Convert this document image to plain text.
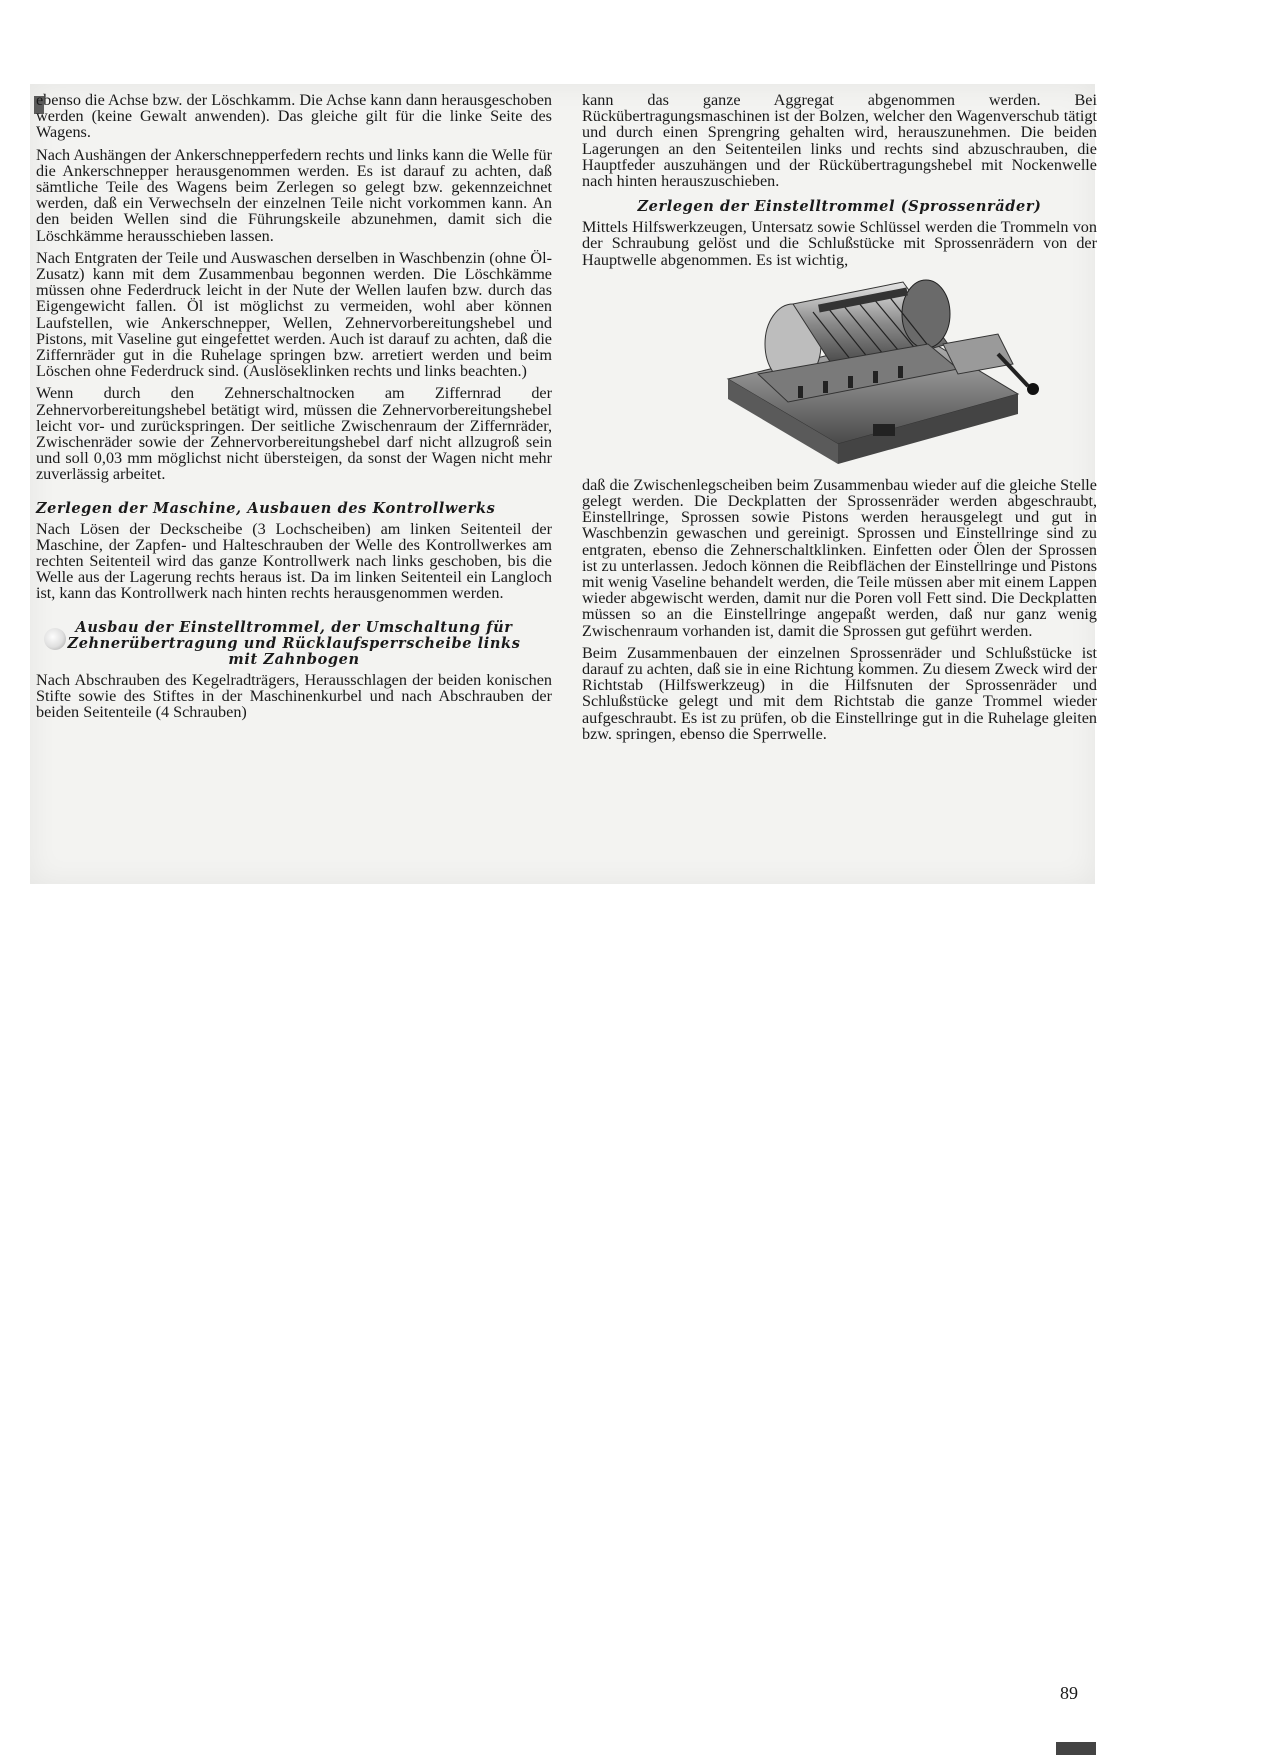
ebenso die Achse bzw. der Löschkamm. Die Achse kann dann herausgeschoben werden (keine Gewalt anwenden). Das gleiche gilt für die linke Seite des Wagens.

Nach Aushängen der Ankerschnepperfedern rechts und links kann die Welle für die Ankerschnepper herausgenommen werden. Es ist darauf zu achten, daß sämtliche Teile des Wagens beim Zerlegen so gelegt bzw. gekennzeichnet werden, daß ein Verwechseln der einzelnen Teile nicht vorkommen kann. An den beiden Wellen sind die Führungskeile abzunehmen, damit sich die Löschkämme herausschieben lassen.

Nach Entgraten der Teile und Auswaschen derselben in Waschbenzin (ohne Öl-Zusatz) kann mit dem Zusammenbau begonnen werden. Die Löschkämme müssen ohne Federdruck leicht in der Nute der Wellen laufen bzw. durch das Eigengewicht fallen. Öl ist möglichst zu vermeiden, wohl aber können Laufstellen, wie Ankerschnepper, Wellen, Zehnervorbereitungshebel und Pistons, mit Vaseline gut eingefettet werden. Auch ist darauf zu achten, daß die Ziffernräder gut in die Ruhelage springen bzw. arretiert werden und beim Löschen ohne Federdruck sind. (Auslöseklinken rechts und links beachten.)

Wenn durch den Zehnerschaltnocken am Ziffernrad der Zehnervorbereitungshebel betätigt wird, müssen die Zehnervorbereitungshebel leicht vor- und zurückspringen. Der seitliche Zwischenraum der Ziffernräder, Zwischenräder sowie der Zehnervorbereitungshebel darf nicht allzugroß sein und soll 0,03 mm möglichst nicht übersteigen, da sonst der Wagen nicht mehr zuverlässig arbeitet.

Zerlegen der Maschine, Ausbauen des Kontrollwerks

Nach Lösen der Deckscheibe (3 Lochscheiben) am linken Seitenteil der Maschine, der Zapfen- und Halteschrauben der Welle des Kontrollwerkes am rechten Seitenteil wird das ganze Kontrollwerk nach links geschoben, bis die Welle aus der Lagerung rechts heraus ist. Da im linken Seitenteil ein Langloch ist, kann das Kontrollwerk nach hinten rechts herausgenommen werden.

Ausbau der Einstelltrommel, der Umschaltung für
Zehnerübertragung und Rücklaufsperrscheibe links
mit Zahnbogen

Nach Abschrauben des Kegelradträgers, Herausschlagen der beiden konischen Stifte sowie des Stiftes in der Maschinenkurbel und nach Abschrauben der beiden Seitenteile (4 Schrauben)

kann das ganze Aggregat abgenommen werden. Bei Rückübertragungsmaschinen ist der Bolzen, welcher den Wagenverschub tätigt und durch einen Sprengring gehalten wird, herauszunehmen. Die beiden Lagerungen an den Seitenteilen links und rechts sind abzuschrauben, die Hauptfeder auszuhängen und der Rückübertragungshebel mit Nockenwelle nach hinten herauszuschieben.

Zerlegen der Einstelltrommel (Sprossenräder)

Mittels Hilfswerkzeugen, Untersatz sowie Schlüssel werden die Trommeln von der Schraubung gelöst und die Schlußstücke mit Sprossenrädern von der Hauptwelle abgenommen. Es ist wichtig,

daß die Zwischenlegscheiben beim Zusammenbau wieder auf die gleiche Stelle gelegt werden. Die Deckplatten der Sprossenräder werden abgeschraubt, Einstellringe, Sprossen sowie Pistons werden herausgelegt und gut in Waschbenzin gewaschen und gereinigt. Sprossen und Einstellringe sind zu entgraten, ebenso die Zehnerschaltklinken. Einfetten oder Ölen der Sprossen ist zu unterlassen. Jedoch können die Reibflächen der Einstellringe und Pistons mit wenig Vaseline behandelt werden, die Teile müssen aber mit einem Lappen wieder abgewischt werden, damit nur die Poren voll Fett sind. Die Deckplatten müssen so an die Einstellringe angepaßt werden, daß nur ganz wenig Zwischenraum vorhanden ist, damit die Sprossen gut geführt werden.

Beim Zusammenbauen der einzelnen Sprossenräder und Schlußstücke ist darauf zu achten, daß sie in eine Richtung kommen. Zu diesem Zweck wird der Richtstab (Hilfswerkzeug) in die Hilfsnuten der Sprossenräder und Schlußstücke gelegt und mit dem Richtstab die ganze Trommel wieder aufgeschraubt. Es ist zu prüfen, ob die Einstellringe gut in die Ruhelage gleiten bzw. springen, ebenso die Sperrwelle.

89
